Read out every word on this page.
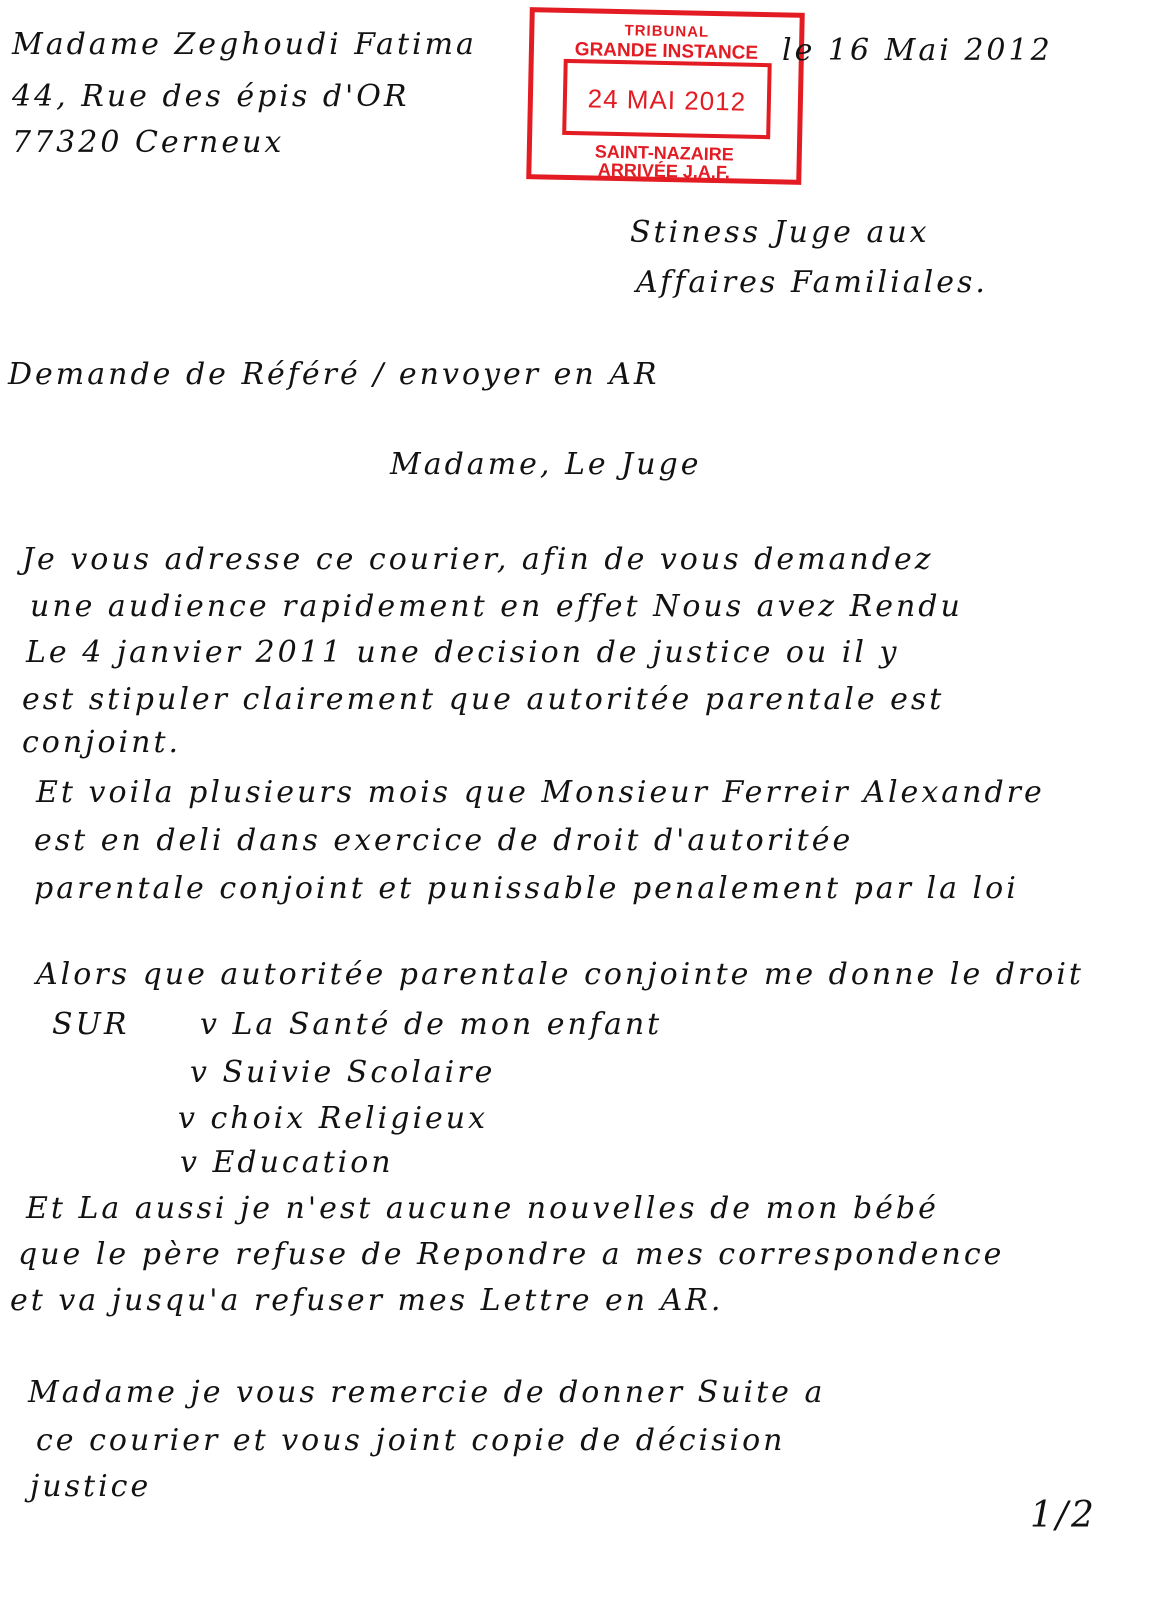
Madame Zeghoudi Fatima
44, Rue des épis d'OR
77320 Cerneux
TRIBUNAL
GRANDE INSTANCE
24 MAI 2012
SAINT-NAZAIRE
ARRIVÉE J.A.F.
le 16 Mai 2012
Stiness Juge aux
Affaires Familiales.
Demande de Référé / envoyer en AR
Madame, Le Juge
Je vous adresse ce courier, afin de vous demandez
une audience rapidement en effet Nous avez Rendu
Le 4 janvier 2011 une decision de justice ou il y
est stipuler clairement que autoritée parentale est
conjoint.
Et voila plusieurs mois que Monsieur Ferreir Alexandre
est en deli dans exercice de droit d'autoritée
parentale conjoint et punissable penalement par la loi
Alors que autoritée parentale conjointe me donne le droit
SUR v La Santé de mon enfant
v Suivie Scolaire
v choix Religieux
v Education
Et La aussi je n'est aucune nouvelles de mon bébé
que le père refuse de Repondre a mes correspondence
et va jusqu'a refuser mes Lettre en AR.
Madame je vous remercie de donner Suite a
ce courier et vous joint copie de décision
justice
1/2
